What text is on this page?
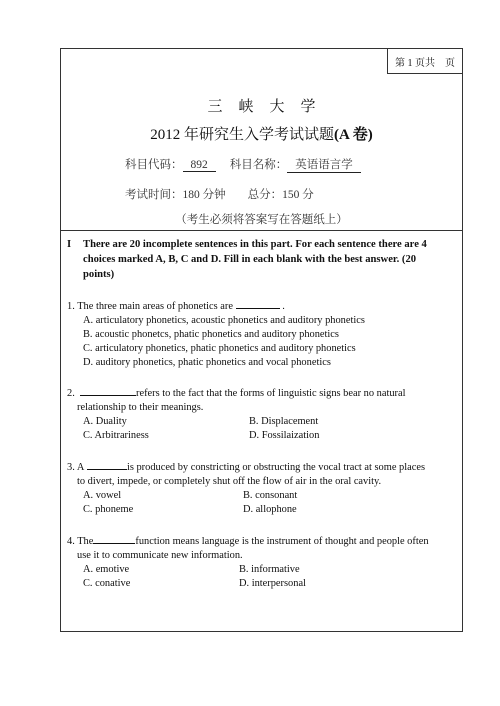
第 1 页共    页
三峡大学
2012 年研究生入学考试试题(A 卷)
科目代码： 892 科目名称： 英语语言学
考试时间：180 分钟 总分：150 分
（考生必须将答案写在答题纸上）
I There are 20 incomplete sentences in this part. For each sentence there are 4
choices marked A, B, C and D. Fill in each blank with the best answer. (20
points)
1. The three main areas of phonetics are	.
A. articulatory phonetics, acoustic phonetics and auditory phonetics
B. acoustic phonetcs, phatic phonetics and auditory phonetics
C. articulatory phonetics, phatic phonetics and auditory phonetics
D. auditory phonetics, phatic phonetics and vocal phonetics
2.	refers to the fact that the forms of linguistic signs bear no natural
relationship to their meanings.
A. Duality	B. Displacement
C. Arbitrariness	D. Fossilaization
3. A	is produced by constricting or obstructing the vocal tract at some places
to divert, impede, or completely shut off the flow of air in the oral cavity.
A. vowel	B. consonant
C. phoneme	D. allophone
4. The	function means language is the instrument of thought and people often
use it to communicate new information.
A. emotive	B. informative
C. conative	D. interpersonal
